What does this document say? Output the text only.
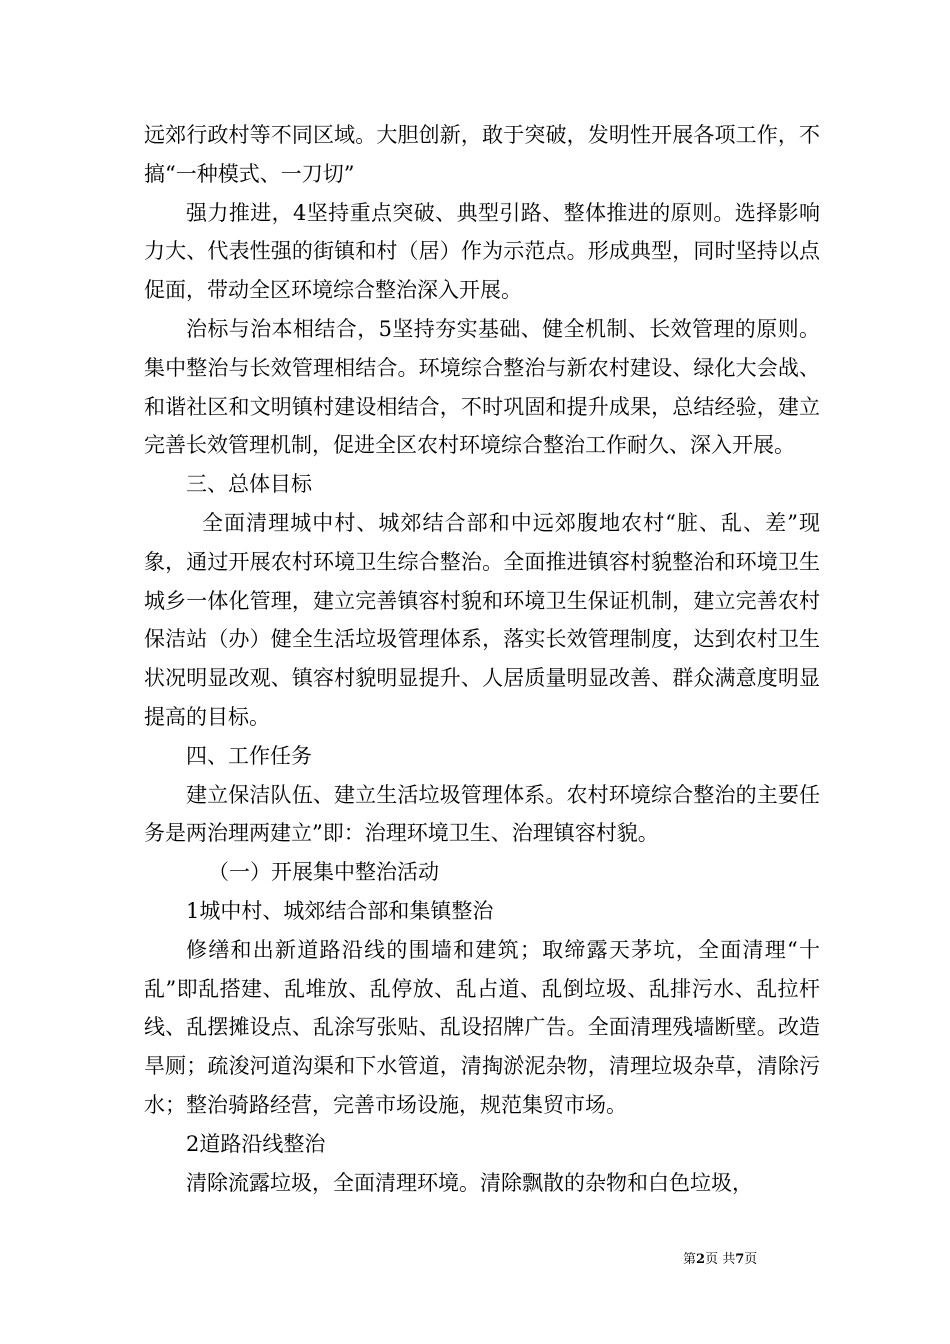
远郊行政村等不同区域。大胆创新，敢于突破，发明性开展各项工作，不搞“一种模式、一刀切”

强力推进，4坚持重点突破、典型引路、整体推进的原则。选择影响力大、代表性强的街镇和村（居）作为示范点。形成典型，同时坚持以点促面，带动全区环境综合整治深入开展。

治标与治本相结合，5坚持夯实基础、健全机制、长效管理的原则。集中整治与长效管理相结合。环境综合整治与新农村建设、绿化大会战、和谐社区和文明镇村建设相结合，不时巩固和提升成果，总结经验，建立完善长效管理机制，促进全区农村环境综合整治工作耐久、深入开展。

三、总体目标

全面清理城中村、城郊结合部和中远郊腹地农村“脏、乱、差”现象，通过开展农村环境卫生综合整治。全面推进镇容村貌整治和环境卫生城乡一体化管理，建立完善镇容村貌和环境卫生保证机制，建立完善农村保洁站（办）健全生活垃圾管理体系，落实长效管理制度，达到农村卫生状况明显改观、镇容村貌明显提升、人居质量明显改善、群众满意度明显提高的目标。

四、工作任务

建立保洁队伍、建立生活垃圾管理体系。农村环境综合整治的主要任务是两治理两建立”即：治理环境卫生、治理镇容村貌。

（一）开展集中整治活动

1城中村、城郊结合部和集镇整治

修缮和出新道路沿线的围墙和建筑；取缔露天茅坑，全面清理“十乱”即乱搭建、乱堆放、乱停放、乱占道、乱倒垃圾、乱排污水、乱拉杆线、乱摆摊设点、乱涂写张贴、乱设招牌广告。全面清理残墙断壁。改造旱厕；疏浚河道沟渠和下水管道，清掏淤泥杂物，清理垃圾杂草，清除污水；整治骑路经营，完善市场设施，规范集贸市场。

2道路沿线整治

清除流露垃圾，全面清理环境。清除飘散的杂物和白色垃圾，

第2页 共7页
